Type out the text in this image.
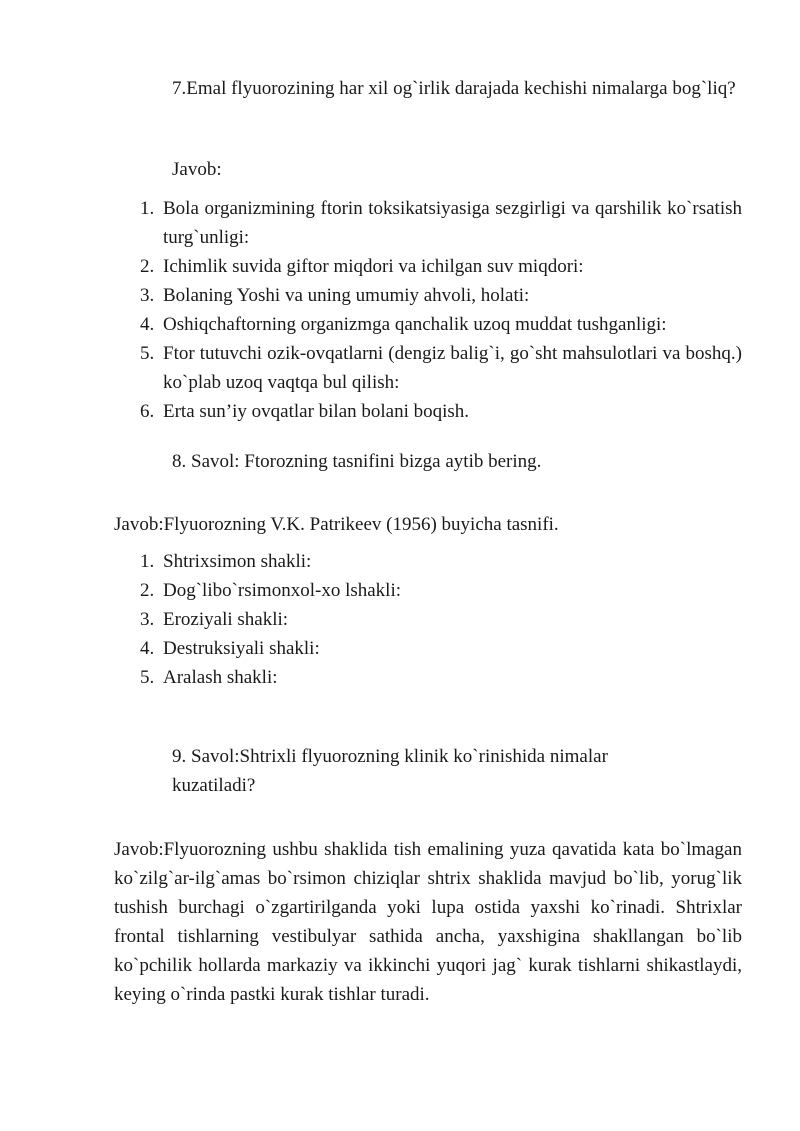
7.Emal flyuorozining har xil og`irlik darajada kechishi nimalarga bog`liq?
Javob:
1. Bola organizmining ftorin toksikatsiyasiga sezgirligi va qarshilik ko`rsatish turg`unligi:
2. Ichimlik suvida giftor miqdori va ichilgan suv miqdori:
3. Bolaning Yoshi va uning umumiy ahvoli, holati:
4. Oshiqchaftorning organizmga qanchalik uzoq muddat tushganligi:
5. Ftor tutuvchi ozik-ovqatlarni (dengiz balig`i, go`sht mahsulotlari va boshq.) ko`plab uzoq vaqtqa bul qilish:
6. Erta sun’iy ovqatlar bilan bolani boqish.
8. Savol: Ftorozning tasnifini bizga aytib bering.
Javob:Flyuorozning V.K. Patrikeev (1956) buyicha tasnifi.
1. Shtrixsimon shakli:
2. Dog`libo`rsimonxol-xo lshakli:
3. Eroziyali shakli:
4. Destruksiyali shakli:
5. Aralash shakli:
9. Savol:Shtrixli flyuorozning klinik ko`rinishida nimalar kuzatiladi?
Javob:Flyuorozning ushbu shaklida tish emalining yuza qavatida kata bo`lmagan ko`zilg`ar-ilg`amas bo`rsimon chiziqlar shtrix shaklida mavjud bo`lib, yorug`lik tushish burchagi o`zgartirilganda yoki lupa ostida yaxshi ko`rinadi. Shtrixlar frontal tishlarning vestibulyar sathida ancha, yaxshigina shakllangan bo`lib ko`pchilik hollarda markaziy va ikkinchi yuqori jag` kurak tishlarni shikastlaydi, keying o`rinda pastki kurak tishlar turadi.
